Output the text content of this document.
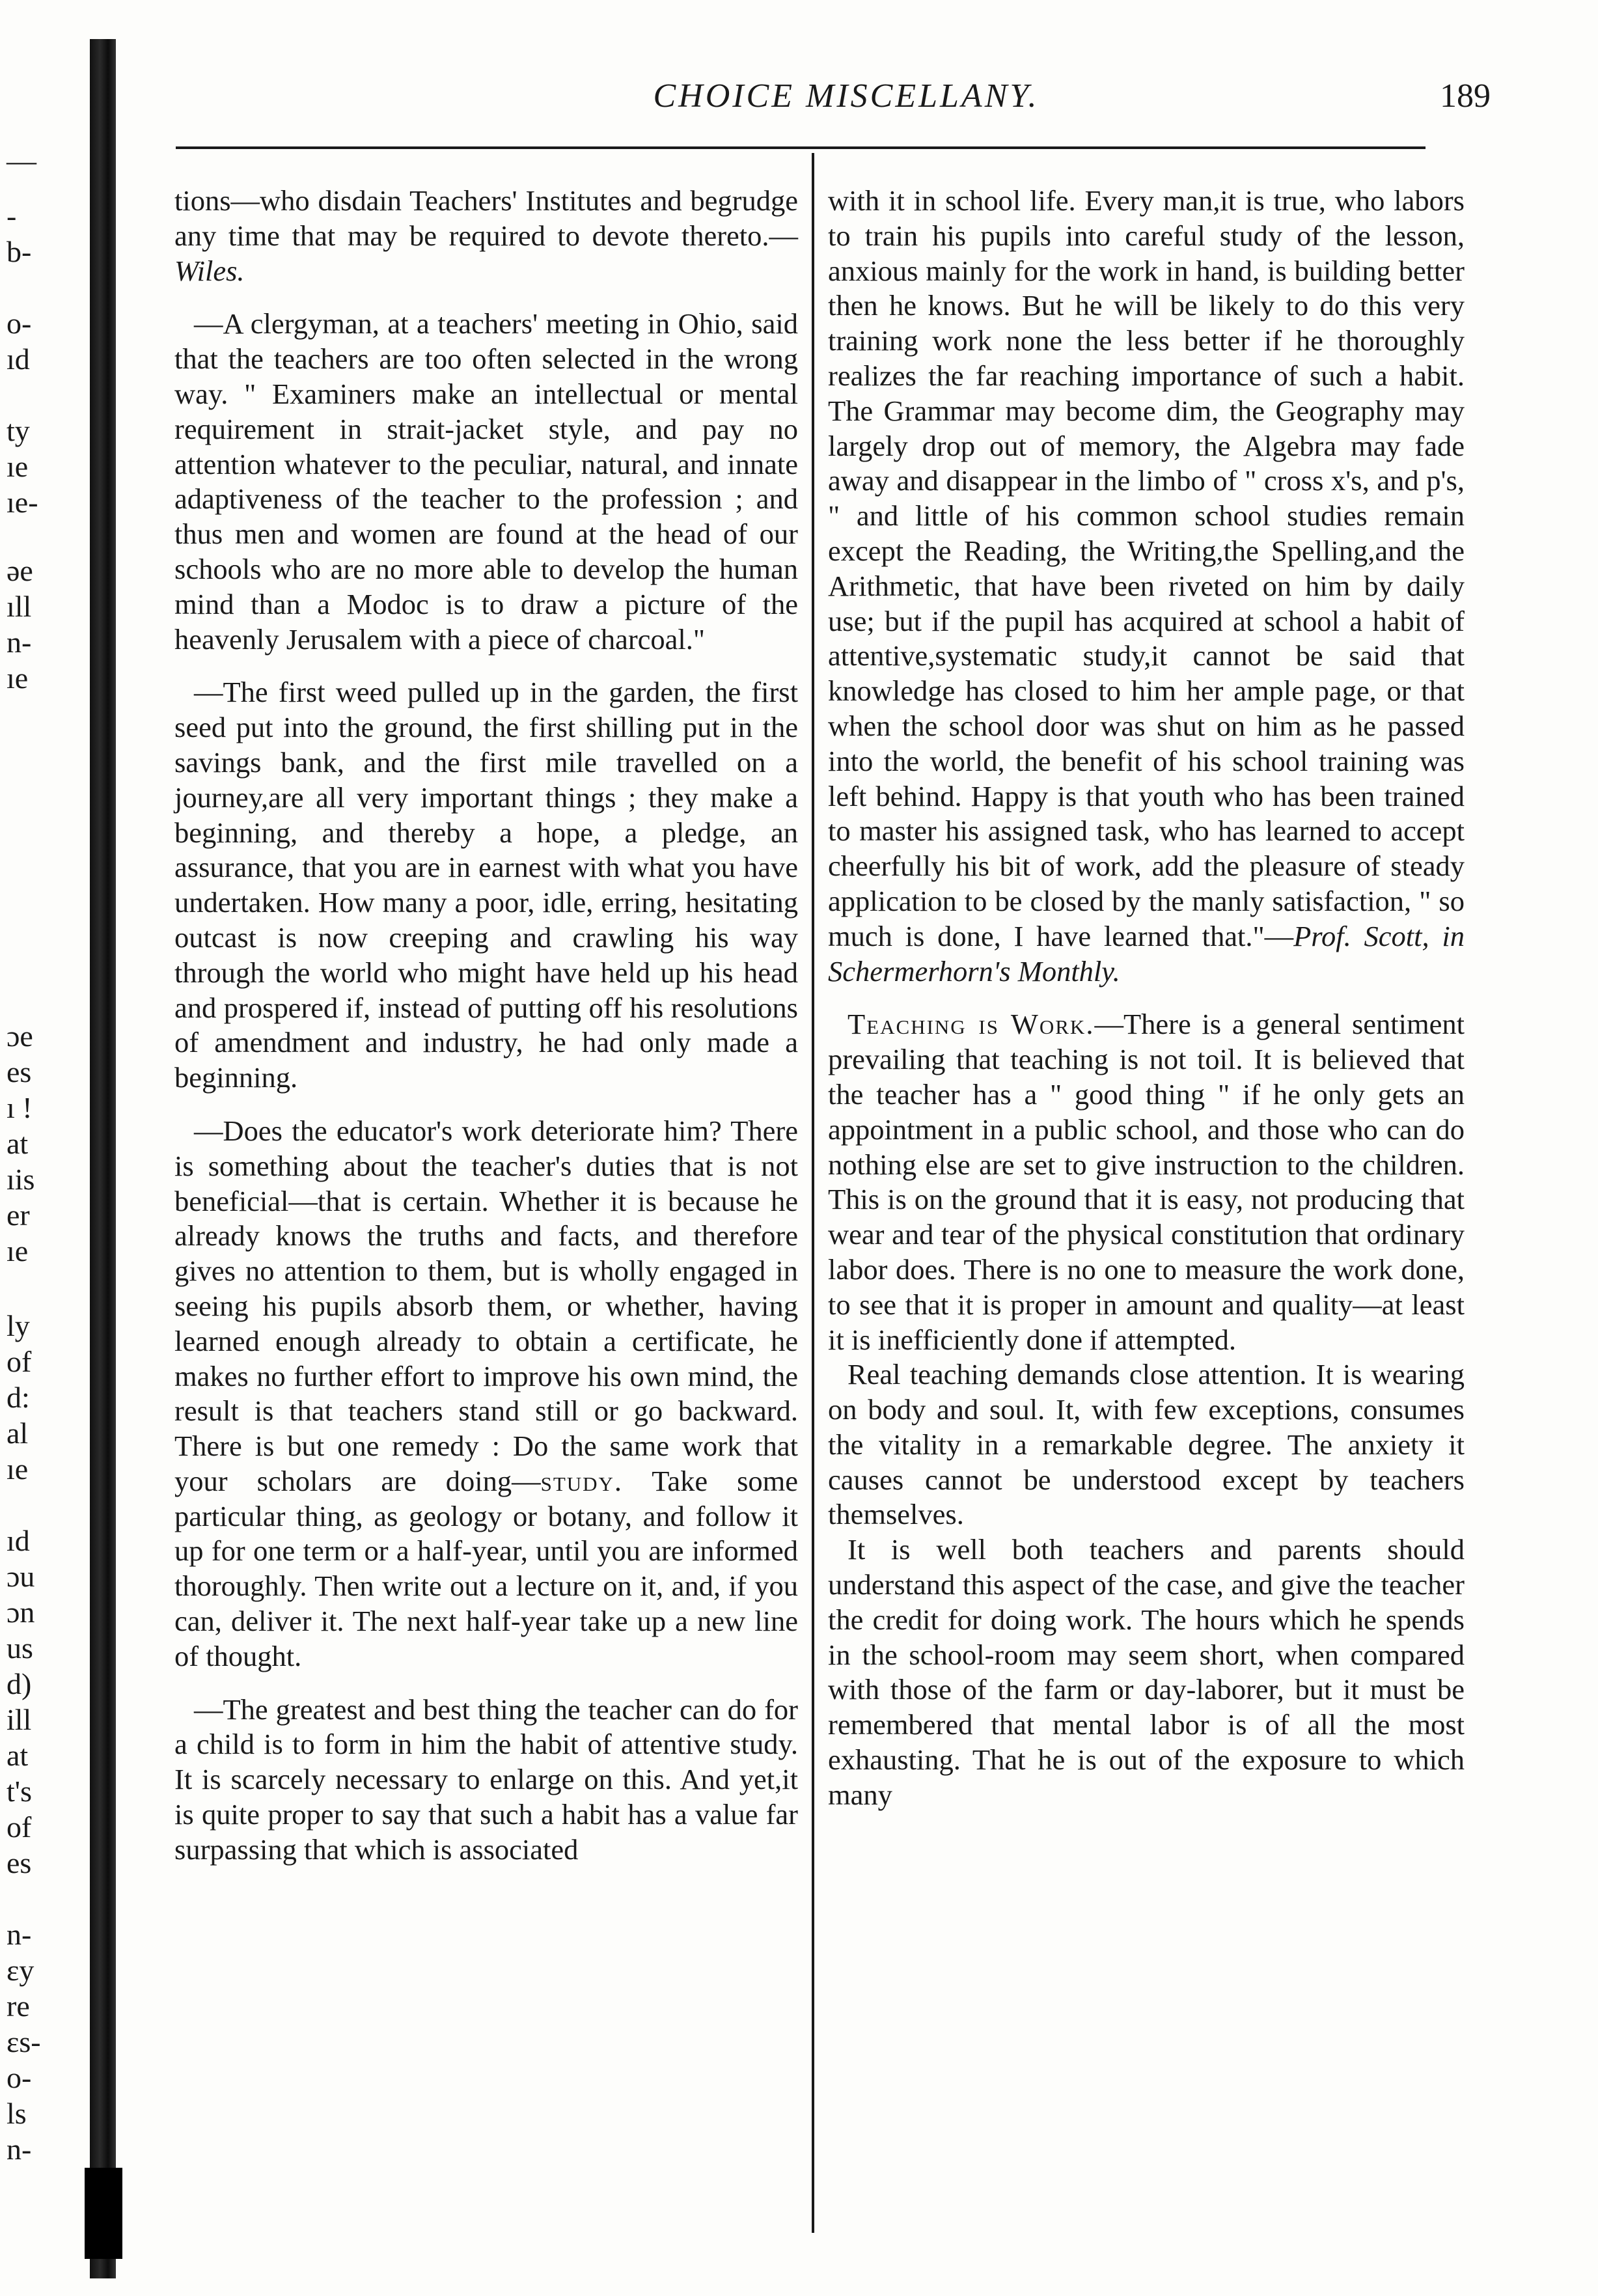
—
-
b-
o-
ıd
ty
ıe
ıe-
əe
ıll
n-
ıe
ɔe
es
ı !
at
ıis
er
ıe
ly
of
d:
al
ıe
ıd
ɔu
ɔn
us
d)
ill
at
t's
of
es
n-
ɛy
re
ɛs-
o-
ls
n-
CHOICE MISCELLANY.	189

tions—who disdain Teachers' Institutes and begrudge any time that may be required to devote thereto.—Wiles.

—A clergyman, at a teachers' meeting in Ohio, said that the teachers are too often selected in the wrong way. " Examiners make an intellectual or mental requirement in strait-jacket style, and pay no attention whatever to the peculiar, natural, and innate adaptiveness of the teacher to the profession ; and thus men and women are found at the head of our schools who are no more able to develop the human mind than a Modoc is to draw a picture of the heavenly Jerusalem with a piece of charcoal."

—The first weed pulled up in the garden, the first seed put into the ground, the first shilling put in the savings bank, and the first mile travelled on a journey,are all very important things ; they make a beginning, and thereby a hope, a pledge, an assurance, that you are in earnest with what you have undertaken. How many a poor, idle, erring, hesitating outcast is now creeping and crawling his way through the world who might have held up his head and prospered if, instead of putting off his resolutions of amendment and industry, he had only made a beginning.

—Does the educator's work deteriorate him? There is something about the teacher's duties that is not beneficial—that is certain. Whether it is because he already knows the truths and facts, and therefore gives no attention to them, but is wholly engaged in seeing his pupils absorb them, or whether, having learned enough already to obtain a certificate, he makes no further effort to improve his own mind, the result is that teachers stand still or go backward. There is but one remedy : Do the same work that your scholars are doing—study. Take some particular thing, as geology or botany, and follow it up for one term or a half-year, until you are informed thoroughly. Then write out a lecture on it, and, if you can, deliver it. The next half-year take up a new line of thought.

—The greatest and best thing the teacher can do for a child is to form in him the habit of attentive study. It is scarcely necessary to enlarge on this. And yet,it is quite proper to say that such a habit has a value far surpassing that which is associated

with it in school life. Every man,it is true, who labors to train his pupils into careful study of the lesson, anxious mainly for the work in hand, is building better then he knows. But he will be likely to do this very training work none the less better if he thoroughly realizes the far reaching importance of such a habit. The Grammar may become dim, the Geography may largely drop out of memory, the Algebra may fade away and disappear in the limbo of " cross x's, and p's, " and little of his common school studies remain except the Reading, the Writing,the Spelling,and the Arithmetic, that have been riveted on him by daily use; but if the pupil has acquired at school a habit of attentive,systematic study,it cannot be said that knowledge has closed to him her ample page, or that when the school door was shut on him as he passed into the world, the benefit of his school training was left behind. Happy is that youth who has been trained to master his assigned task, who has learned to accept cheerfully his bit of work, add the pleasure of steady application to be closed by the manly satisfaction, " so much is done, I have learned that."—Prof. Scott, in Schermerhorn's Monthly.

Teaching is Work.—There is a general sentiment prevailing that teaching is not toil. It is believed that the teacher has a " good thing " if he only gets an appointment in a public school, and those who can do nothing else are set to give instruction to the children. This is on the ground that it is easy, not producing that wear and tear of the physical constitution that ordinary labor does. There is no one to measure the work done, to see that it is proper in amount and quality—at least it is inefficiently done if attempted.

Real teaching demands close attention. It is wearing on body and soul. It, with few exceptions, consumes the vitality in a remarkable degree. The anxiety it causes cannot be understood except by teachers themselves.

It is well both teachers and parents should understand this aspect of the case, and give the teacher the credit for doing work. The hours which he spends in the school-room may seem short, when compared with those of the farm or day-laborer, but it must be remembered that mental labor is of all the most exhausting. That he is out of the exposure to which many
